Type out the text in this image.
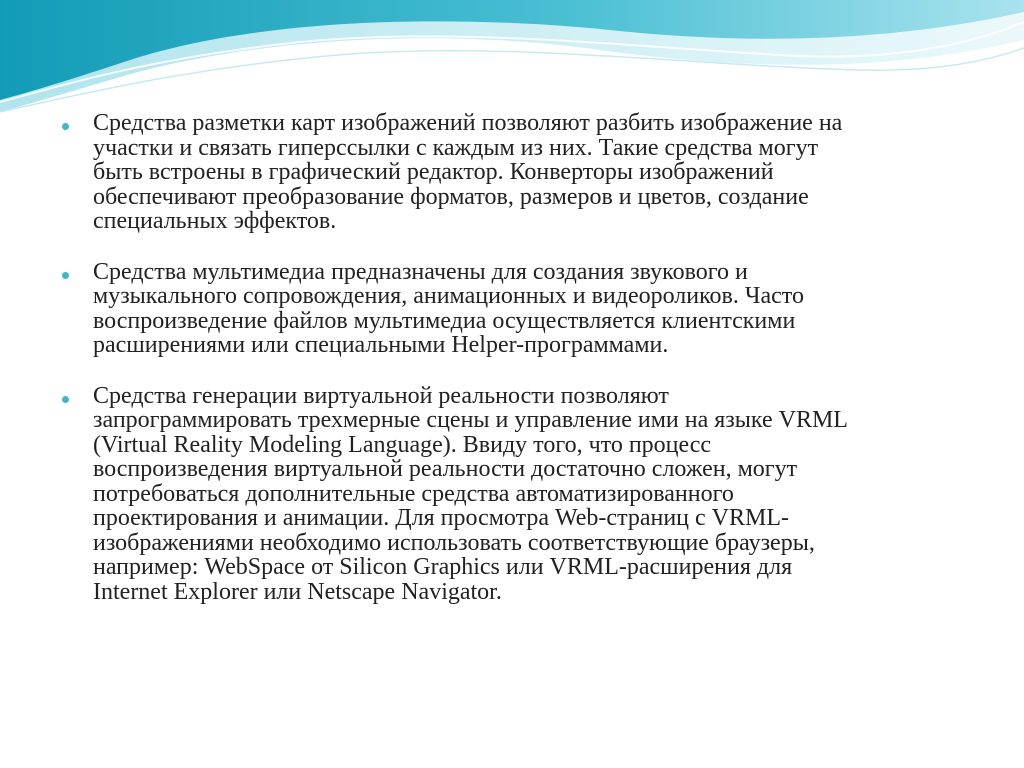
Средства разметки карт изображений позволяют разбить изображение на
участки и связать гиперссылки с каждым из них. Такие средства могут
быть встроены в графический редактор. Конверторы изображений
обеспечивают преобразование форматов, размеров и цветов, создание
специальных эффектов.
Средства мультимедиа предназначены для создания звукового и
музыкального сопровождения, анимационных и видеороликов. Часто
воспроизведение файлов мультимедиа осуществляется клиентскими
расширениями или специальными Helper-программами.
Средства генерации виртуальной реальности позволяют
запрограммировать трехмерные сцены и управление ими на языке VRML
(Virtual Reality Modeling Language). Ввиду того, что процесс
воспроизведения виртуальной реальности достаточно сложен, могут
потребоваться дополнительные средства автоматизированного
проектирования и анимации. Для просмотра Web-страниц с VRML-
изображениями необходимо использовать соответствующие браузеры,
например: WebSpace от Silicon Graphics или VRML-расширения для
Internet Explorer или Netscape Navigator.
